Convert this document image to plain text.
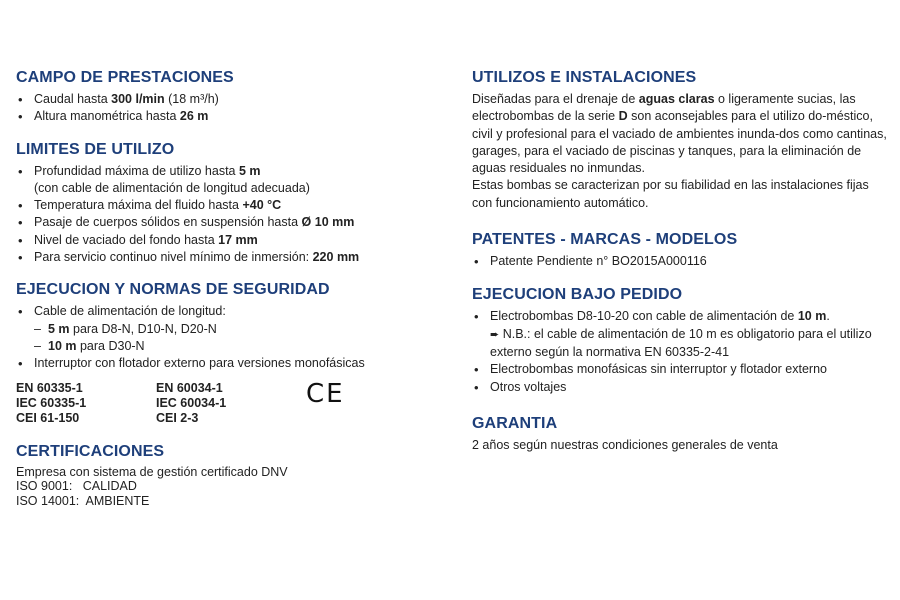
CAMPO DE PRESTACIONES
• Caudal hasta 300 l/min (18 m³/h)
• Altura manométrica hasta 26 m
LIMITES DE UTILIZO
• Profundidad máxima de utilizo hasta 5 m
(con cable de alimentación de longitud adecuada)
• Temperatura máxima del fluido hasta +40 °C
• Pasaje de cuerpos sólidos en suspensión hasta Ø 10 mm
• Nivel de vaciado del fondo hasta 17 mm
• Para servicio continuo nivel mínimo de inmersión: 220 mm
EJECUCION Y NORMAS DE SEGURIDAD
• Cable de alimentación de longitud:
– 5 m para D8-N, D10-N, D20-N
– 10 m para D30-N
• Interruptor con flotador externo para versiones monofásicas
EN 60335-1
IEC 60335-1
CEI 61-150
EN 60034-1
IEC 60034-1
CEI 2-3
CE
CERTIFICACIONES
Empresa con sistema de gestión certificado DNV
ISO 9001:   CALIDAD
ISO 14001:  AMBIENTE
UTILIZOS E INSTALACIONES

Diseñadas para el drenaje de aguas claras o ligeramente sucias, las electrobombas de la serie D son aconsejables para el utilizo do-méstico, civil y profesional para el vaciado de ambientes inunda-dos como cantinas, garages, para el vaciado de piscinas y tanques, para la eliminación de aguas residuales no inmundas.

Estas bombas se caracterizan por su fiabilidad en las instalaciones fijas con funcionamiento automático.

PATENTES - MARCAS - MODELOS
• Patente Pendiente n° BO2015A000116
EJECUCION BAJO PEDIDO
• Electrobombas D8-10-20 con cable de alimentación de 10 m.
➨ N.B.: el cable de alimentación de 10 m es obligatorio para el utilizo externo según la normativa EN 60335-2-41
• Electrobombas monofásicas sin interruptor y flotador externo
• Otros voltajes
GARANTIA

2 años según nuestras condiciones generales de venta
